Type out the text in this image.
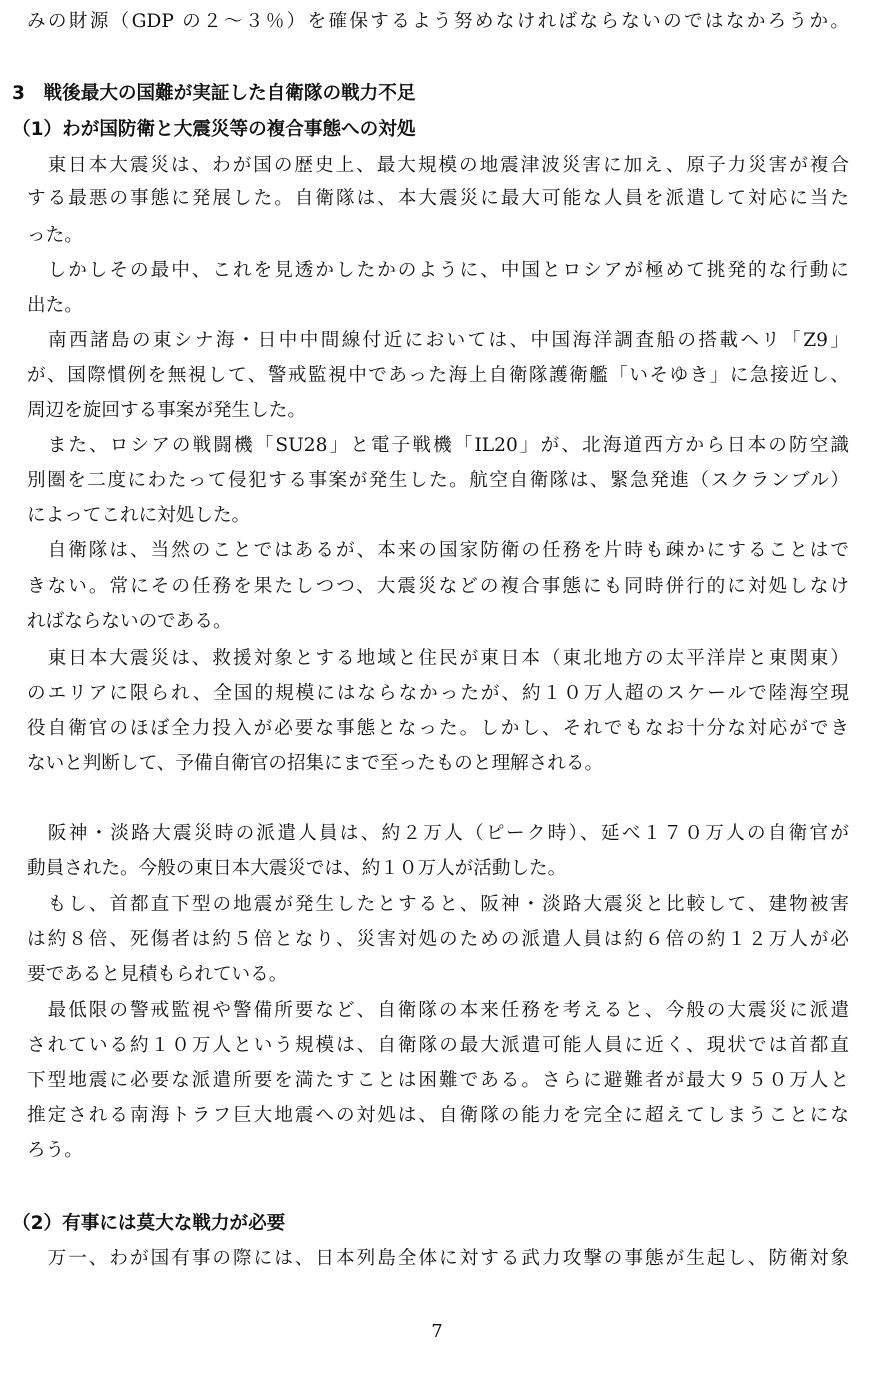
みの財源（GDP の２～３％）を確保するよう努めなければならないのではなかろうか。
3　戦後最大の国難が実証した自衛隊の戦力不足
（1）わが国防衛と大震災等の複合事態への対処
　東日本大震災は、わが国の歴史上、最大規模の地震津波災害に加え、原子力災害が複合
する最悪の事態に発展した。自衛隊は、本大震災に最大可能な人員を派遣して対応に当た
った。
　しかしその最中、これを見透かしたかのように、中国とロシアが極めて挑発的な行動に
出た。
　南西諸島の東シナ海・日中中間線付近においては、中国海洋調査船の搭載ヘリ「Z9」
が、国際慣例を無視して、警戒監視中であった海上自衛隊護衛艦「いそゆき」に急接近し、
周辺を旋回する事案が発生した。
　また、ロシアの戦闘機「SU28」と電子戦機「IL20」が、北海道西方から日本の防空識
別圏を二度にわたって侵犯する事案が発生した。航空自衛隊は、緊急発進（スクランブル）
によってこれに対処した。
　自衛隊は、当然のことではあるが、本来の国家防衛の任務を片時も疎かにすることはで
きない。常にその任務を果たしつつ、大震災などの複合事態にも同時併行的に対処しなけ
ればならないのである。
　東日本大震災は、救援対象とする地域と住民が東日本（東北地方の太平洋岸と東関東）
のエリアに限られ、全国的規模にはならなかったが、約１０万人超のスケールで陸海空現
役自衛官のほぼ全力投入が必要な事態となった。しかし、それでもなお十分な対応ができ
ないと判断して、予備自衛官の招集にまで至ったものと理解される。
　阪神・淡路大震災時の派遣人員は、約２万人（ピーク時）、延べ１７０万人の自衛官が
動員された。今般の東日本大震災では、約１０万人が活動した。
　もし、首都直下型の地震が発生したとすると、阪神・淡路大震災と比較して、建物被害
は約８倍、死傷者は約５倍となり、災害対処のための派遣人員は約６倍の約１２万人が必
要であると見積もられている。
　最低限の警戒監視や警備所要など、自衛隊の本来任務を考えると、今般の大震災に派遣
されている約１０万人という規模は、自衛隊の最大派遣可能人員に近く、現状では首都直
下型地震に必要な派遣所要を満たすことは困難である。さらに避難者が最大９５０万人と
推定される南海トラフ巨大地震への対処は、自衛隊の能力を完全に超えてしまうことにな
ろう。
（2）有事には莫大な戦力が必要
　万一、わが国有事の際には、日本列島全体に対する武力攻撃の事態が生起し、防衛対象
7
